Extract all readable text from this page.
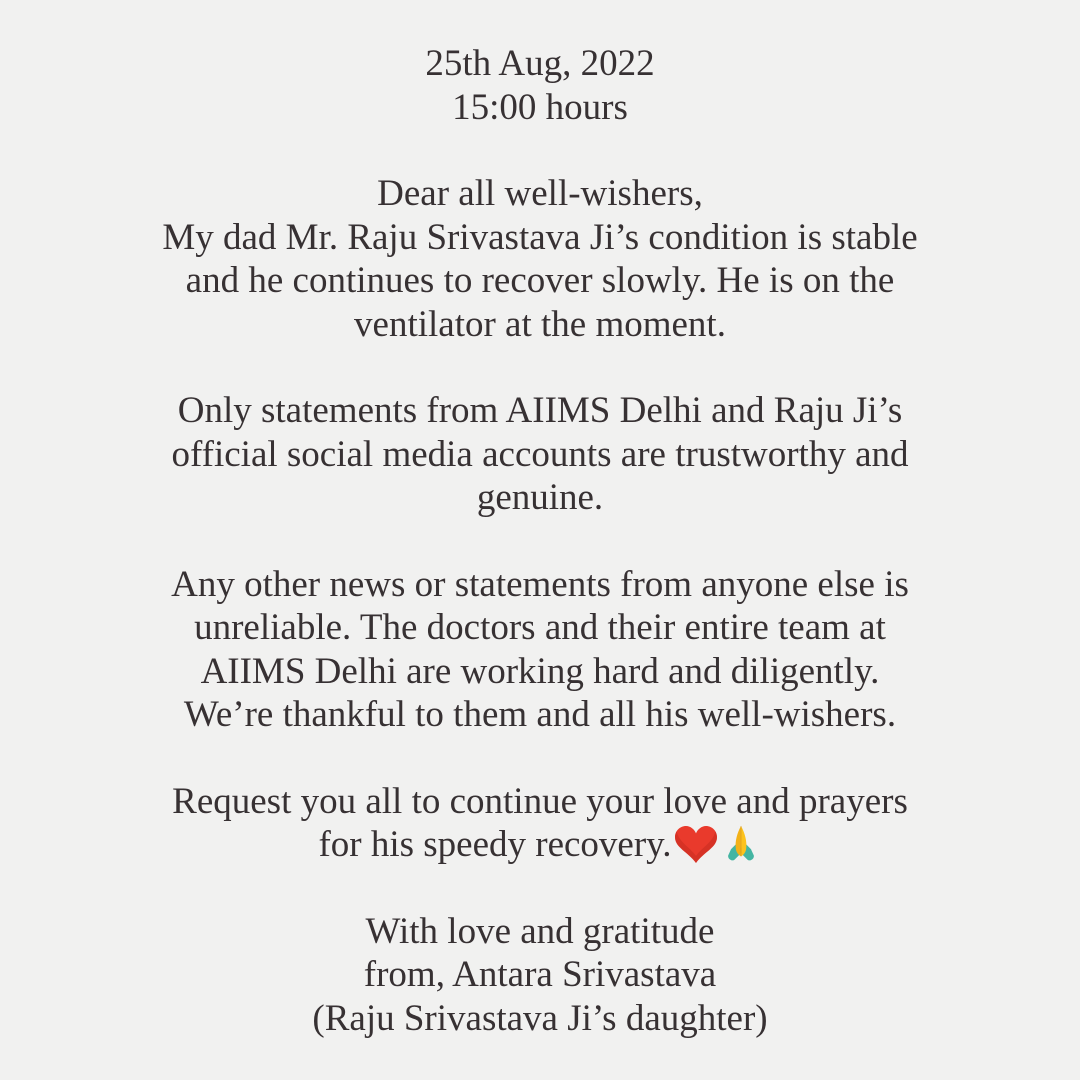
25th Aug, 2022
15:00 hours
Dear all well-wishers,
My dad Mr. Raju Srivastava Ji’s condition is stable
and he continues to recover slowly. He is on the
ventilator at the moment.
Only statements from AIIMS Delhi and Raju Ji’s
official social media accounts are trustworthy and
genuine.
Any other news or statements from anyone else is
unreliable. The doctors and their entire team at
AIIMS Delhi are working hard and diligently.
We’re thankful to them and all his well-wishers.
Request you all to continue your love and prayers
for his speedy recovery.
With love and gratitude
from, Antara Srivastava
(Raju Srivastava Ji’s daughter)
